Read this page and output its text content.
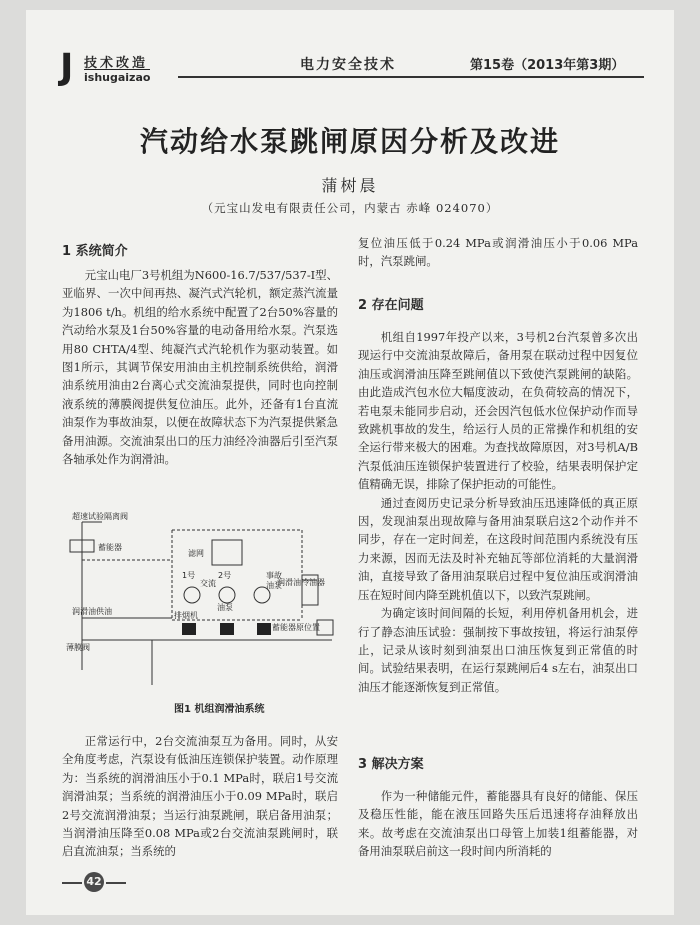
J 技术改造
ishugaizao
电力安全技术	第15卷（2013年第3期）
汽动给水泵跳闸原因分析及改进
蒲树晨
（元宝山发电有限责任公司，内蒙古 赤峰 024070）
1 系统简介

元宝山电厂3号机组为N600-16.7/537/537-I型、亚临界、一次中间再热、凝汽式汽轮机，额定蒸汽流量为1806 t/h。机组的给水系统中配置了2台50%容量的汽动给水泵及1台50%容量的电动备用给水泵。汽泵选用80 CHTA/4型、纯凝汽式汽轮机作为驱动装置。如图1所示，其调节保安用油由主机控制系统供给，润滑油系统用油由2台离心式交流油泵提供，同时也向控制液系统的薄膜阀提供复位油压。此外，还备有1台直流油泵作为事故油泵，以便在故障状态下为汽泵提供紧急备用油源。交流油泵出口的压力油经冷油器后引至汽泵各轴承处作为润滑油。

超速试验隔离阀
蓄能器
滤网
1号	2号
交流
事故
油泵
油泵
润滑油冷油器
润滑油供油
薄膜阀
排烟机
蓄能器原位置
图1 机组润滑油系统

正常运行中，2台交流油泵互为备用。同时，从安全角度考虑，汽泵设有低油压连锁保护装置。动作原理为：当系统的润滑油压小于0.1 MPa时，联启1号交流润滑油泵；当系统的润滑油压小于0.09 MPa时，联启2号交流润滑油泵；当运行油泵跳闸，联启备用油泵；当润滑油压降至0.08 MPa或2台交流油泵跳闸时，联启直流油泵；当系统的

复位油压低于0.24 MPa或润滑油压小于0.06 MPa时，汽泵跳闸。

2 存在问题

机组自1997年投产以来，3号机2台汽泵曾多次出现运行中交流油泵故障后，备用泵在联动过程中因复位油压或润滑油压降至跳闸值以下致使汽泵跳闸的缺陷。由此造成汽包水位大幅度波动，在负荷较高的情况下，若电泵未能同步启动，还会因汽包低水位保护动作而导致跳机事故的发生，给运行人员的正常操作和机组的安全运行带来极大的困难。为查找故障原因，对3号机A/B汽泵低油压连锁保护装置进行了校验，结果表明保护定值精确无误，排除了保护拒动的可能性。

通过查阅历史记录分析导致油压迅速降低的真正原因，发现油泵出现故障与备用油泵联启这2个动作并不同步，存在一定时间差，在这段时间范围内系统没有压力来源，因而无法及时补充轴瓦等部位消耗的大量润滑油，直接导致了备用油泵联启过程中复位油压或润滑油压在短时间内降至跳机值以下，以致汽泵跳闸。

为确定该时间间隔的长短，利用停机备用机会，进行了静态油压试验：强制按下事故按钮，将运行油泵停止，记录从该时刻到油泵出口油压恢复到正常值的时间。试验结果表明，在运行泵跳闸后4 s左右，油泵出口油压才能逐渐恢复到正常值。

3 解决方案

作为一种储能元件，蓄能器具有良好的储能、保压及稳压性能，能在液压回路失压后迅速将存油释放出来。故考虑在交流油泵出口母管上加装1组蓄能器，对备用油泵联启前这一段时间内所消耗的

42
